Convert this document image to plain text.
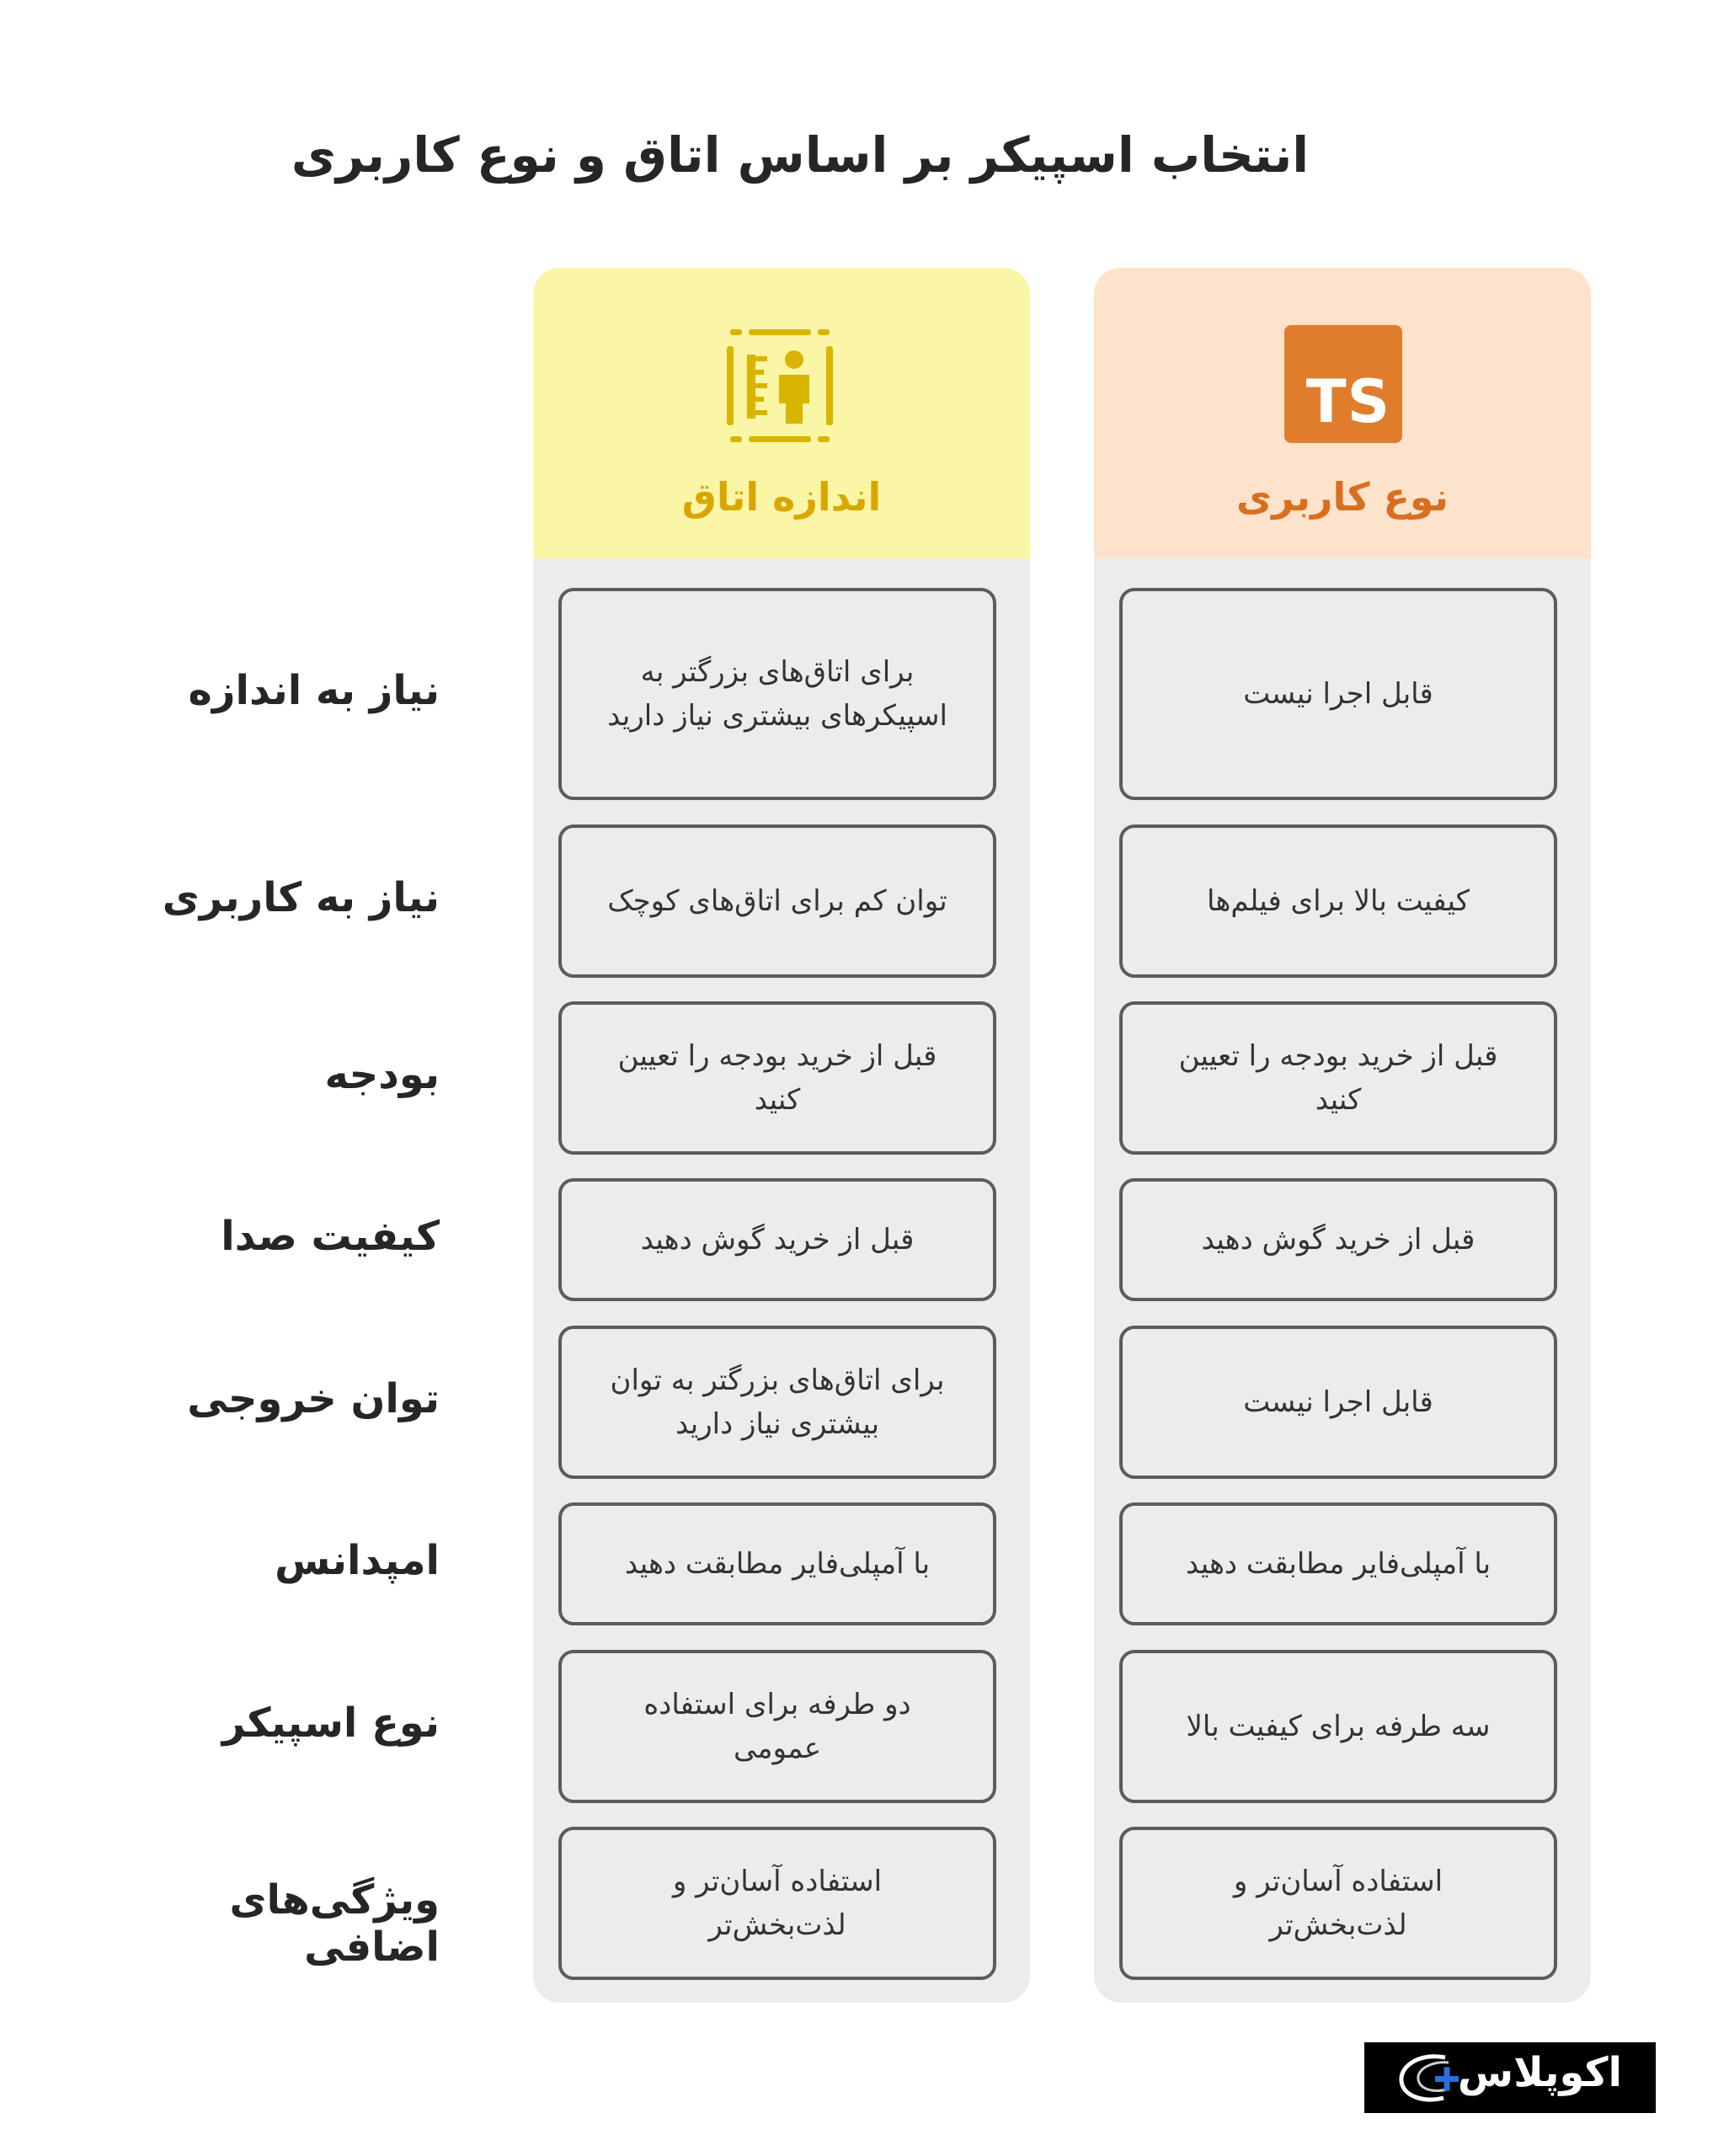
انتخاب اسپیکر بر اساس اتاق و نوع کاربری
اندازه اتاق
برای اتاق‌های بزرگتر به اسپیکرهای بیشتری نیاز دارید
توان کم برای اتاق‌های کوچک
قبل از خرید بودجه را تعیین کنید
قبل از خرید گوش دهید
برای اتاق‌های بزرگتر به توان بیشتری نیاز دارید
با آمپلی‌فایر مطابقت دهید
دو طرفه برای استفاده عمومی
استفاده آسان‌تر و لذت‌بخش‌تر
TS
نوع کاربری
قابل اجرا نیست
کیفیت بالا برای فیلم‌ها
قبل از خرید بودجه را تعیین کنید
قبل از خرید گوش دهید
قابل اجرا نیست
با آمپلی‌فایر مطابقت دهید
سه طرفه برای کیفیت بالا
استفاده آسان‌تر و لذت‌بخش‌تر
نیاز به اندازه
نیاز به کاربری
بودجه
کیفیت صدا
توان خروجی
امپدانس
نوع اسپیکر
ویژگی‌های اضافی
اکوپلاس
